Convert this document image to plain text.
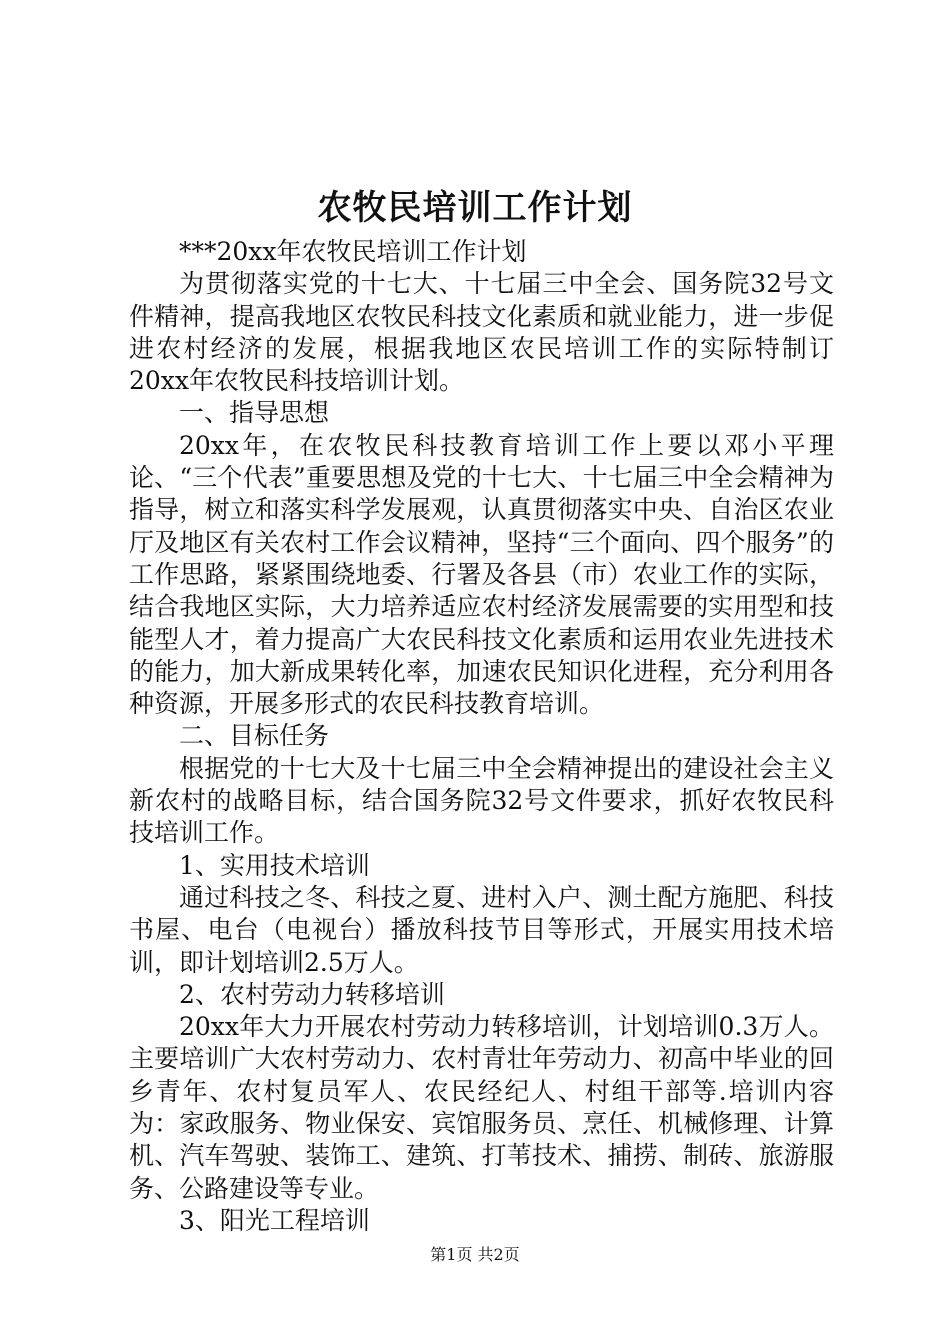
农牧民培训工作计划

***20xx年农牧民培训工作计划

为贯彻落实党的十七大、十七届三中全会、国务院32号文件精神，提高我地区农牧民科技文化素质和就业能力，进一步促进农村经济的发展，根据我地区农民培训工作的实际特制订20xx年农牧民科技培训计划。

一、指导思想

20xx年，在农牧民科技教育培训工作上要以邓小平理论、“三个代表”重要思想及党的十七大、十七届三中全会精神为指导，树立和落实科学发展观，认真贯彻落实中央、自治区农业厅及地区有关农村工作会议精神，坚持“三个面向、四个服务”的工作思路，紧紧围绕地委、行署及各县（市）农业工作的实际，结合我地区实际，大力培养适应农村经济发展需要的实用型和技能型人才，着力提高广大农民科技文化素质和运用农业先进技术的能力，加大新成果转化率，加速农民知识化进程，充分利用各种资源，开展多形式的农民科技教育培训。

二、目标任务

根据党的十七大及十七届三中全会精神提出的建设社会主义新农村的战略目标，结合国务院32号文件要求，抓好农牧民科技培训工作。

1、实用技术培训

通过科技之冬、科技之夏、进村入户、测土配方施肥、科技书屋、电台（电视台）播放科技节目等形式，开展实用技术培训，即计划培训2.5万人。

2、农村劳动力转移培训

20xx年大力开展农村劳动力转移培训，计划培训0.3万人。主要培训广大农村劳动力、农村青壮年劳动力、初高中毕业的回乡青年、农村复员军人、农民经纪人、村组干部等.培训内容为：家政服务、物业保安、宾馆服务员、烹任、机械修理、计算机、汽车驾驶、装饰工、建筑、打苇技术、捕捞、制砖、旅游服务、公路建设等专业。

3、阳光工程培训

第1页 共2页
